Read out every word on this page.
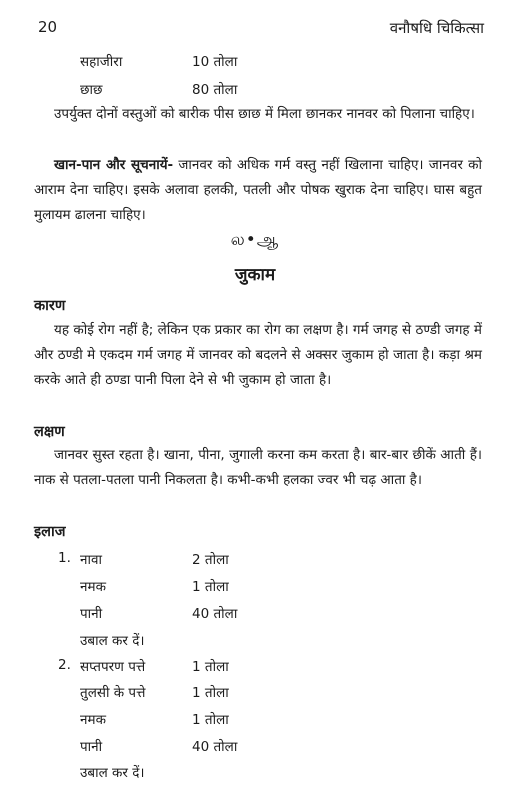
20	वनौषधि चिकित्सा
सहाजीरा	10 तोला
छाछ	80 तोला
उपर्युक्त दोनों वस्तुओं को बारीक पीस छाछ में मिला छानकर नानवर को पिलाना चाहिए।
खान-पान और सूचनायें- जानवर को अधिक गर्म वस्तु नहीं खिलाना चाहिए। जानवर को आराम देना चाहिए। इसके अलावा हलकी, पतली और पोषक खुराक देना चाहिए। घास बहुत मुलायम ढालना चाहिए।
ல•ஆ
जुकाम
कारण
यह कोई रोग नहीं है; लेकिन एक प्रकार का रोग का लक्षण है। गर्म जगह से ठण्डी जगह में और ठण्डी मे एकदम गर्म जगह में जानवर को बदलने से अक्सर जुकाम हो जाता है। कड़ा श्रम करके आते ही ठण्डा पानी पिला देने से भी जुकाम हो जाता है।
लक्षण
जानवर सुस्त रहता है। खाना, पीना, जुगाली करना कम करता है। बार-बार छीकें आती हैं। नाक से पतला-पतला पानी निकलता है। कभी-कभी हलका ज्वर भी चढ़ आता है।
इलाज
1. नावा	2 तोला
नमक	1 तोला
पानी	40 तोला
उबाल कर दें।
2. सप्तपरण पत्ते	1 तोला
तुलसी के पत्ते	1 तोला
नमक	1 तोला
पानी	40 तोला
उबाल कर दें।
